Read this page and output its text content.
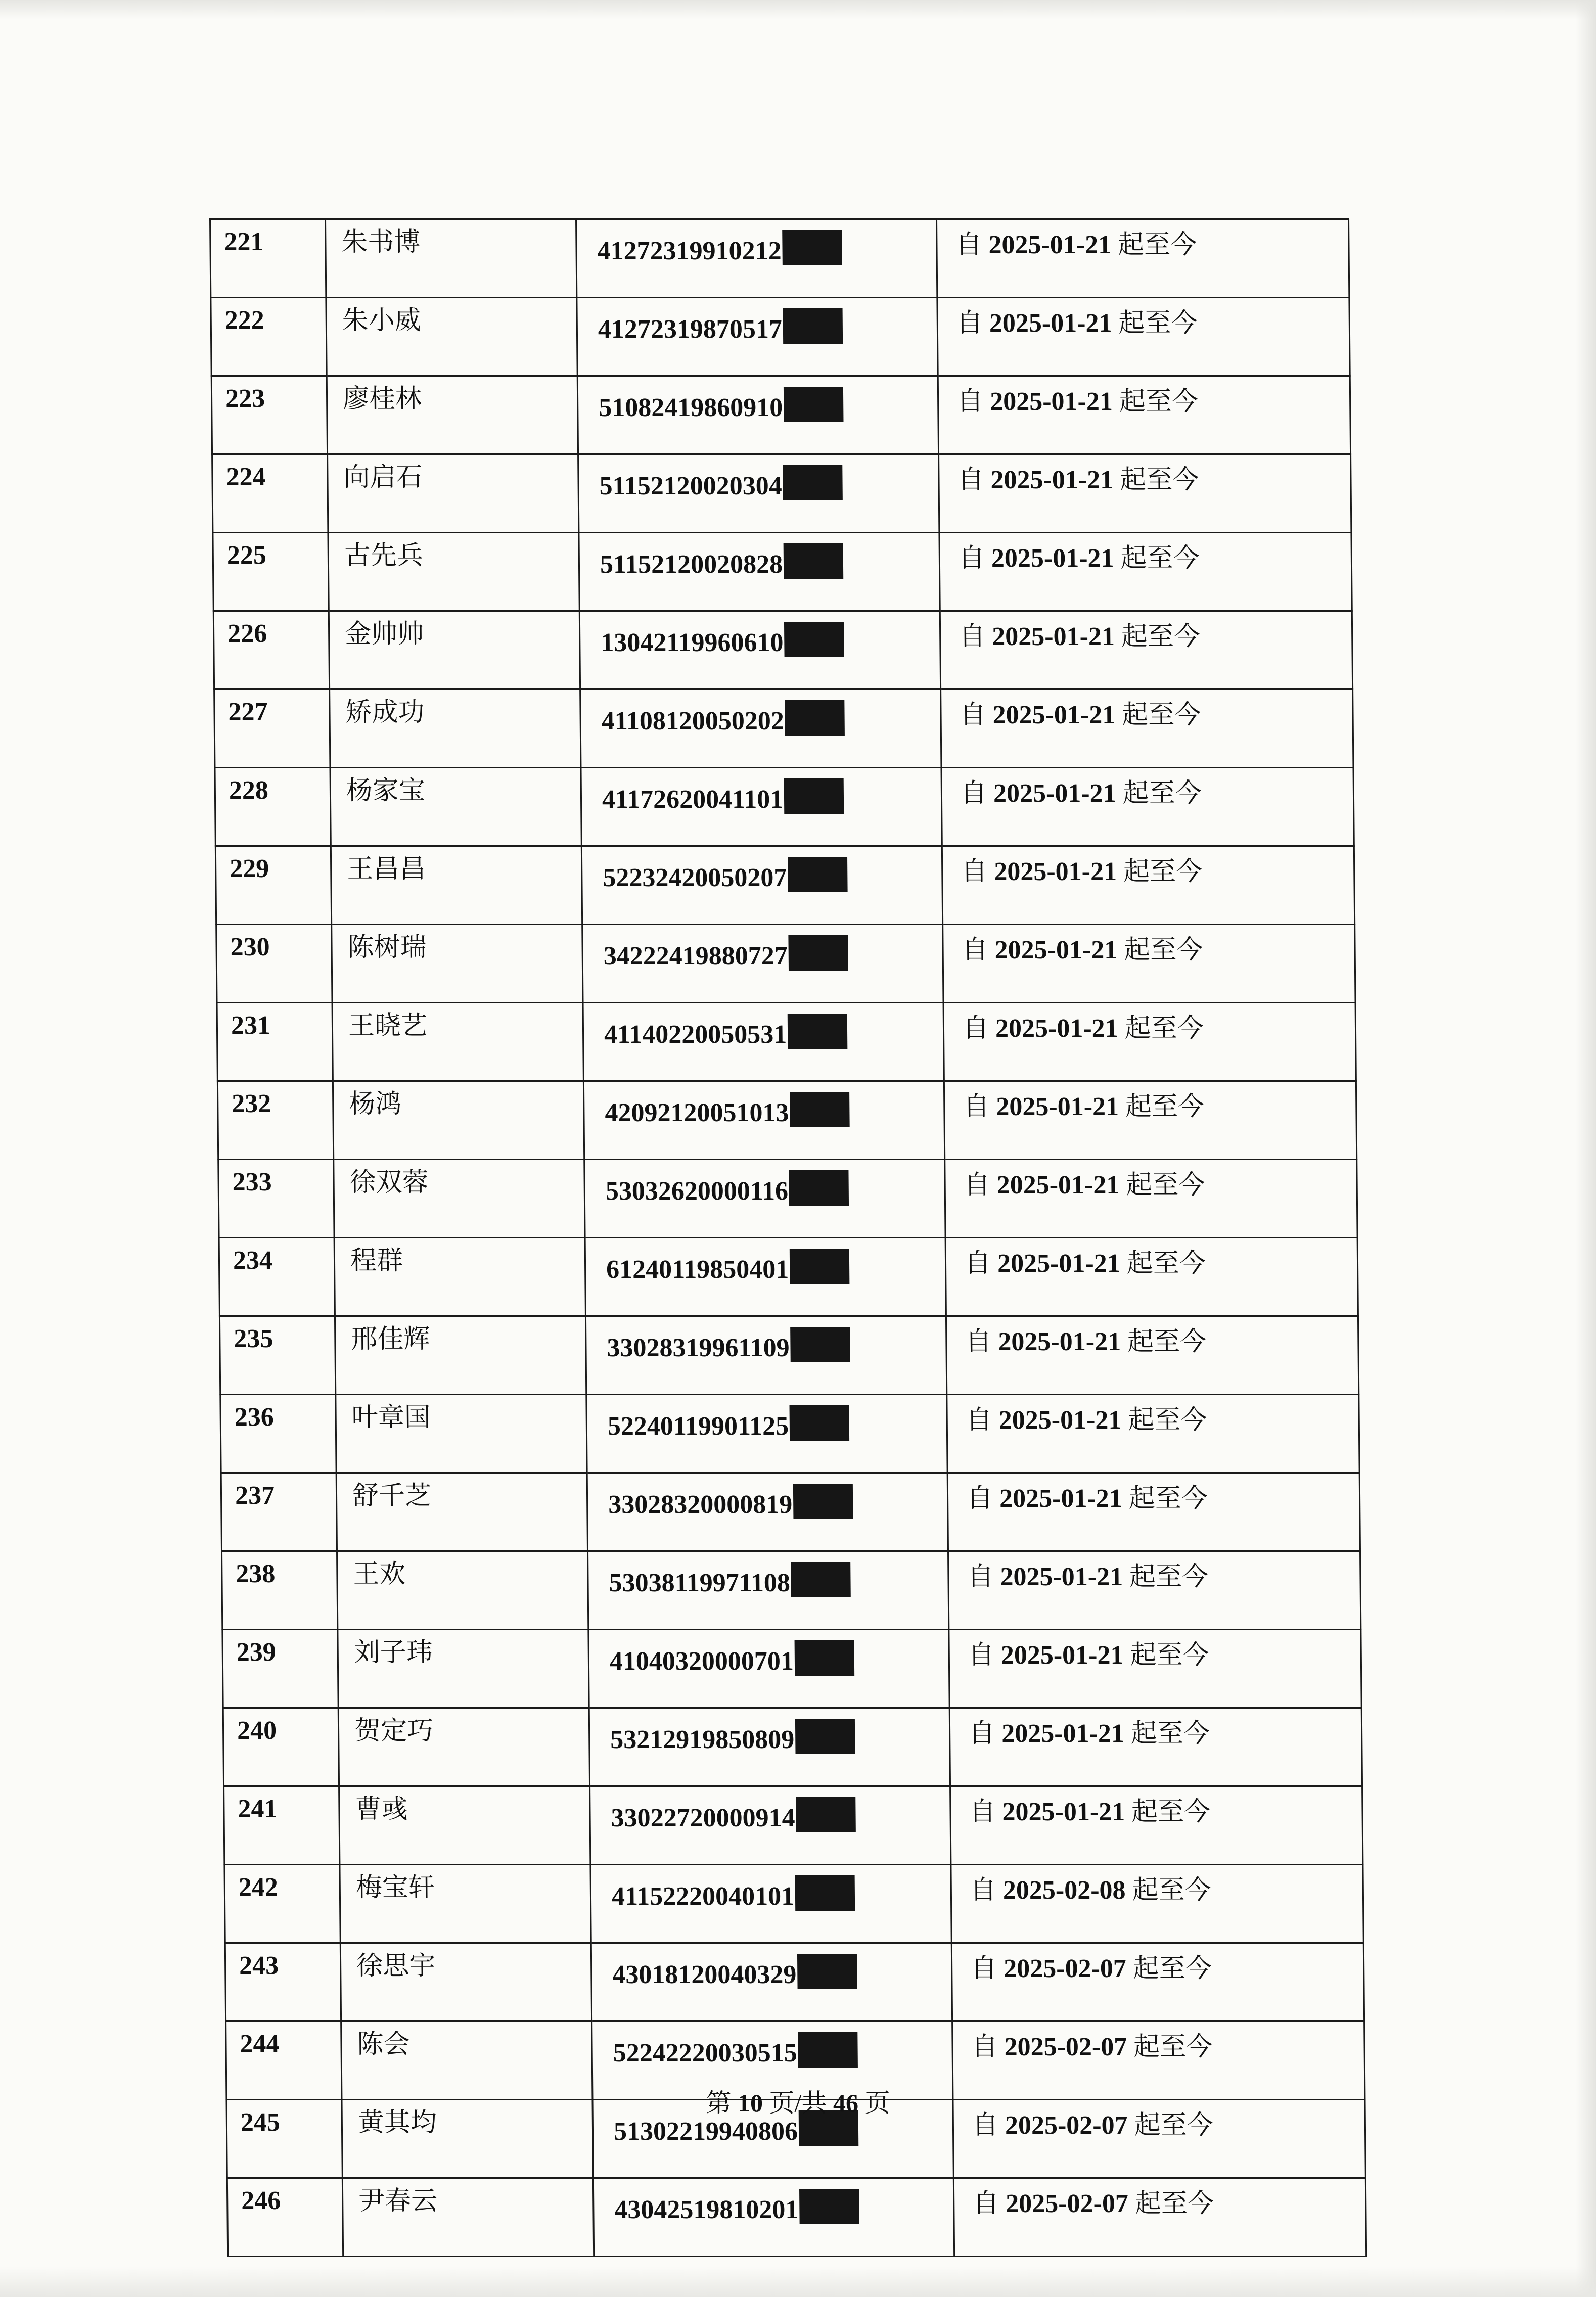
221	朱书博	41272319910212	自 2025-01-21 起至今
222	朱小威	41272319870517	自 2025-01-21 起至今
223	廖桂林	51082419860910	自 2025-01-21 起至今
224	向启石	51152120020304	自 2025-01-21 起至今
225	古先兵	51152120020828	自 2025-01-21 起至今
226	金帅帅	13042119960610	自 2025-01-21 起至今
227	矫成功	41108120050202	自 2025-01-21 起至今
228	杨家宝	41172620041101	自 2025-01-21 起至今
229	王昌昌	52232420050207	自 2025-01-21 起至今
230	陈树瑞	34222419880727	自 2025-01-21 起至今
231	王晓艺	41140220050531	自 2025-01-21 起至今
232	杨鸿	42092120051013	自 2025-01-21 起至今
233	徐双蓉	53032620000116	自 2025-01-21 起至今
234	程群	61240119850401	自 2025-01-21 起至今
235	邢佳辉	33028319961109	自 2025-01-21 起至今
236	叶章国	52240119901125	自 2025-01-21 起至今
237	舒千芝	33028320000819	自 2025-01-21 起至今
238	王欢	53038119971108	自 2025-01-21 起至今
239	刘子玮	41040320000701	自 2025-01-21 起至今
240	贺定巧	53212919850809	自 2025-01-21 起至今
241	曹彧	33022720000914	自 2025-01-21 起至今
242	梅宝轩	41152220040101	自 2025-02-08 起至今
243	徐思宇	43018120040329	自 2025-02-07 起至今
244	陈会	52242220030515	自 2025-02-07 起至今
245	黄其均	51302219940806	自 2025-02-07 起至今
246	尹春云	43042519810201	自 2025-02-07 起至今
第 10 页/共 46 页
